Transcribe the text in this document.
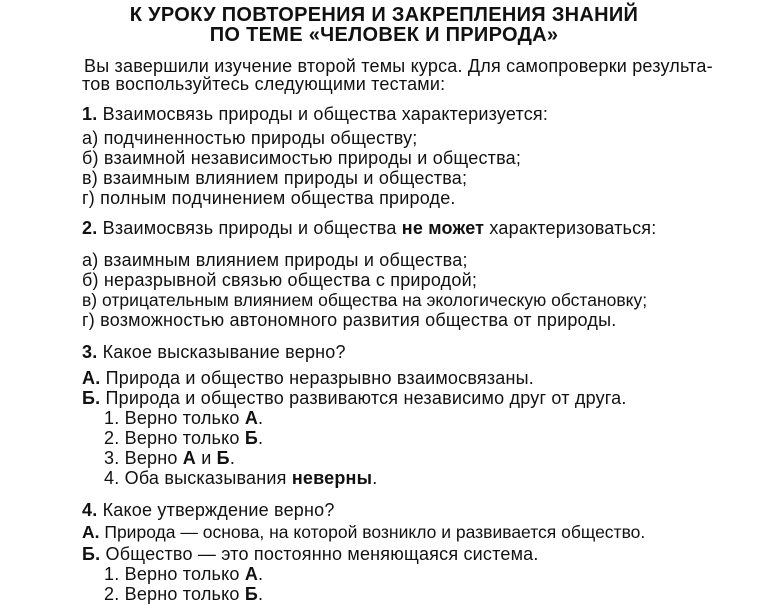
К УРОКУ ПОВТОРЕНИЯ И ЗАКРЕПЛЕНИЯ ЗНАНИЙ
ПО ТЕМЕ «ЧЕЛОВЕК И ПРИРОДА»
Вы завершили изучение второй темы курса. Для самопроверки результа-
тов воспользуйтесь следующими тестами:
1. Взаимосвязь природы и общества характеризуется:
а) подчиненностью природы обществу;
б) взаимной независимостью природы и общества;
в) взаимным влиянием природы и общества;
г) полным подчинением общества природе.
2. Взаимосвязь природы и общества не может характеризоваться:
а) взаимным влиянием природы и общества;
б) неразрывной связью общества с природой;
в) отрицательным влиянием общества на экологическую обстановку;
г) возможностью автономного развития общества от природы.
3. Какое высказывание верно?
А. Природа и общество неразрывно взаимосвязаны.
Б. Природа и общество развиваются независимо друг от друга.
1. Верно только А.
2. Верно только Б.
3. Верно А и Б.
4. Оба высказывания неверны.
4. Какое утверждение верно?
А. Природа — основа, на которой возникло и развивается общество.
Б. Общество — это постоянно меняющаяся система.
1. Верно только А.
2. Верно только Б.
